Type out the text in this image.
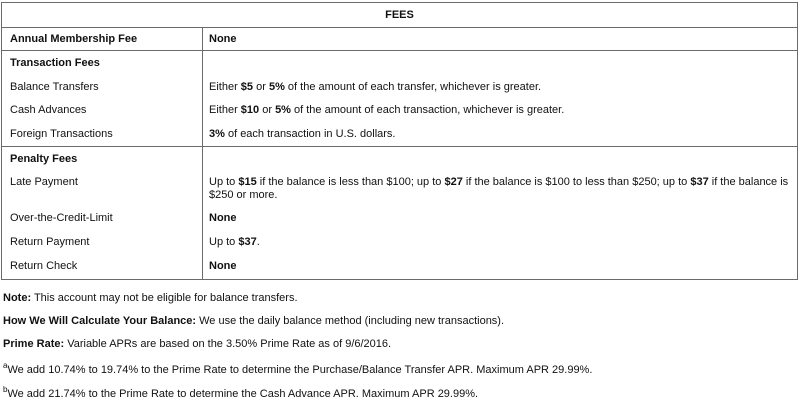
FEES
Annual Membership Fee	None
Transaction Fees
Balance Transfers	Either $5 or 5% of the amount of each transfer, whichever is greater.
Cash Advances	Either $10 or 5% of the amount of each transaction, whichever is greater.
Foreign Transactions	3% of each transaction in U.S. dollars.
Penalty Fees
Late Payment	Up to $15 if the balance is less than $100; up to $27 if the balance is $100 to less than $250; up to $37 if the balance is $250 or more.
Over-the-Credit-Limit	None
Return Payment	Up to $37.
Return Check	None
Note: This account may not be eligible for balance transfers.
How We Will Calculate Your Balance: We use the daily balance method (including new transactions).
Prime Rate: Variable APRs are based on the 3.50% Prime Rate as of 9/6/2016.
$^a$We add 10.74% to 19.74% to the Prime Rate to determine the Purchase/Balance Transfer APR. Maximum APR 29.99%.
$^b$We add 21.74% to the Prime Rate to determine the Cash Advance APR. Maximum APR 29.99%.
